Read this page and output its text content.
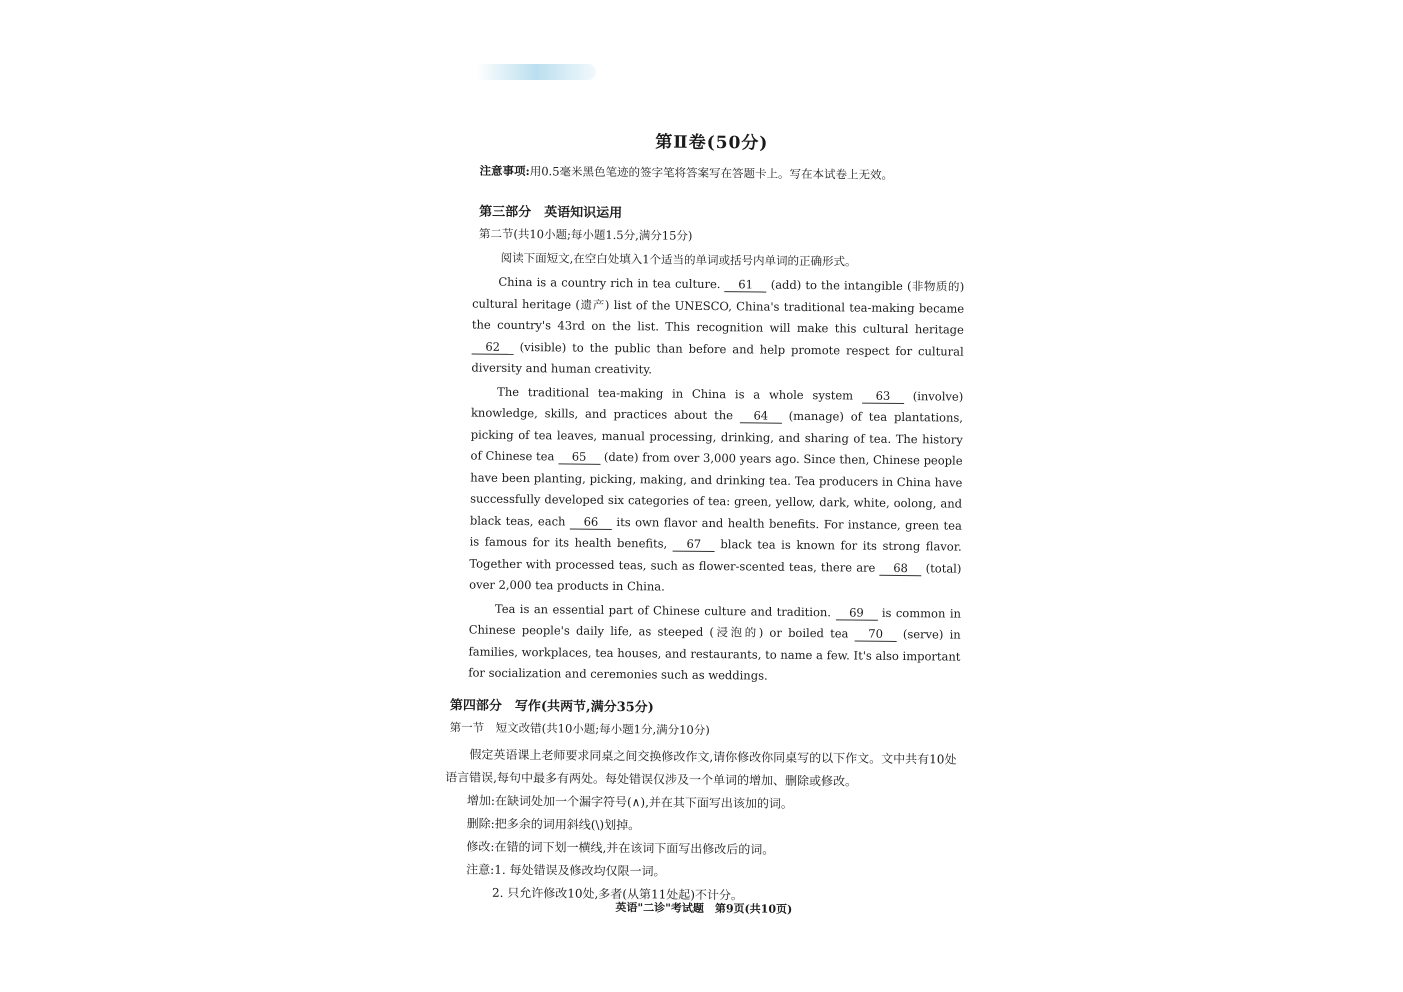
第Ⅱ卷(50分)
注意事项:用0.5毫米黑色笔迹的签字笔将答案写在答题卡上。写在本试卷上无效。
第三部分　英语知识运用
第二节(共10小题;每小题1.5分,满分15分)
阅读下面短文,在空白处填入1个适当的单词或括号内单词的正确形式。

China is a country rich in tea culture. 61 (add) to the intangible (非物质的) cultural heritage (遗产) list of the UNESCO, China's traditional tea-making became the country's 43rd on the list. This recognition will make this cultural heritage 62 (visible) to the public than before and help promote respect for cultural diversity and human creativity.

The traditional tea-making in China is a whole system 63 (involve) knowledge, skills, and practices about the 64 (manage) of tea plantations, picking of tea leaves, manual processing, drinking, and sharing of tea. The history of Chinese tea 65 (date) from over 3,000 years ago. Since then, Chinese people have been planting, picking, making, and drinking tea. Tea producers in China have successfully developed six categories of tea: green, yellow, dark, white, oolong, and black teas, each 66 its own flavor and health benefits. For instance, green tea is famous for its health benefits, 67 black tea is known for its strong flavor. Together with processed teas, such as flower-scented teas, there are 68 (total) over 2,000 tea products in China.

Tea is an essential part of Chinese culture and tradition. 69 is common in Chinese people's daily life, as steeped (浸泡的) or boiled tea 70 (serve) in families, workplaces, tea houses, and restaurants, to name a few. It's also important for socialization and ceremonies such as weddings.

第四部分　写作(共两节,满分35分)
第一节　短文改错(共10小题;每小题1分,满分10分)

假定英语课上老师要求同桌之间交换修改作文,请你修改你同桌写的以下作文。文中共有10处语言错误,每句中最多有两处。每处错误仅涉及一个单词的增加、删除或修改。

增加:在缺词处加一个漏字符号(∧),并在其下面写出该加的词。

删除:把多余的词用斜线(\)划掉。

修改:在错的词下划一横线,并在该词下面写出修改后的词。

注意:1. 每处错误及修改均仅限一词。

2. 只允许修改10处,多者(从第11处起)不计分。

英语"二诊"考试题　第9页(共10页)
